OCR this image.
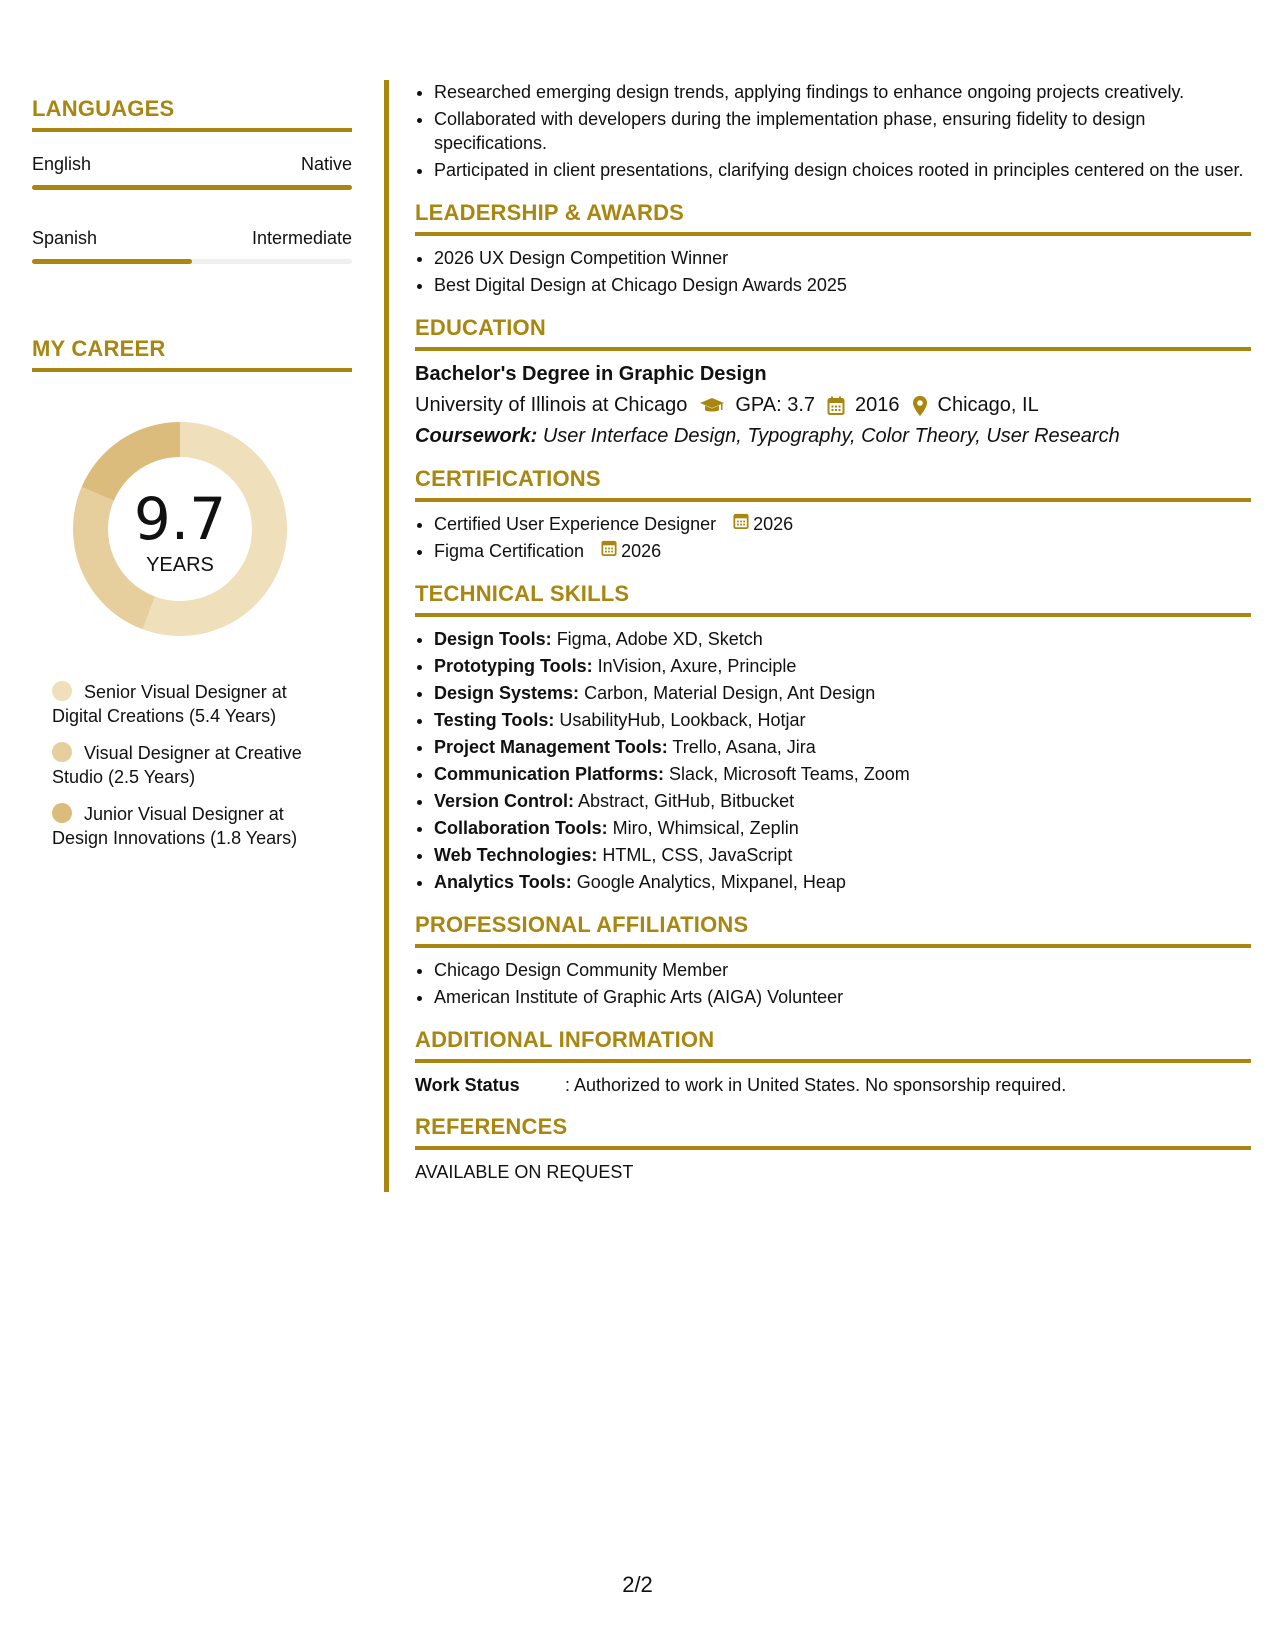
LANGUAGES
English	Native
Spanish	Intermediate
MY CAREER
9.7
YEARS
Senior Visual Designer at Digital Creations (5.4 Years)
Visual Designer at Creative Studio (2.5 Years)
Junior Visual Designer at Design Innovations (1.8 Years)
• Researched emerging design trends, applying findings to enhance ongoing projects creatively.
• Collaborated with developers during the implementation phase, ensuring fidelity to design specifications.
• Participated in client presentations, clarifying design choices rooted in principles centered on the user.
LEADERSHIP & AWARDS
• 2026 UX Design Competition Winner
• Best Digital Design at Chicago Design Awards 2025
EDUCATION
Bachelor's Degree in Graphic Design
University of Illinois at Chicago GPA: 3.7 2016 Chicago, IL
Coursework: User Interface Design, Typography, Color Theory, User Research
CERTIFICATIONS
• Certified User Experience Designer 2026
• Figma Certification 2026
TECHNICAL SKILLS
• Design Tools: Figma, Adobe XD, Sketch
• Prototyping Tools: InVision, Axure, Principle
• Design Systems: Carbon, Material Design, Ant Design
• Testing Tools: UsabilityHub, Lookback, Hotjar
• Project Management Tools: Trello, Asana, Jira
• Communication Platforms: Slack, Microsoft Teams, Zoom
• Version Control: Abstract, GitHub, Bitbucket
• Collaboration Tools: Miro, Whimsical, Zeplin
• Web Technologies: HTML, CSS, JavaScript
• Analytics Tools: Google Analytics, Mixpanel, Heap
PROFESSIONAL AFFILIATIONS
• Chicago Design Community Member
• American Institute of Graphic Arts (AIGA) Volunteer
ADDITIONAL INFORMATION
Work Status	: Authorized to work in United States. No sponsorship required.
REFERENCES
AVAILABLE ON REQUEST
2/2
